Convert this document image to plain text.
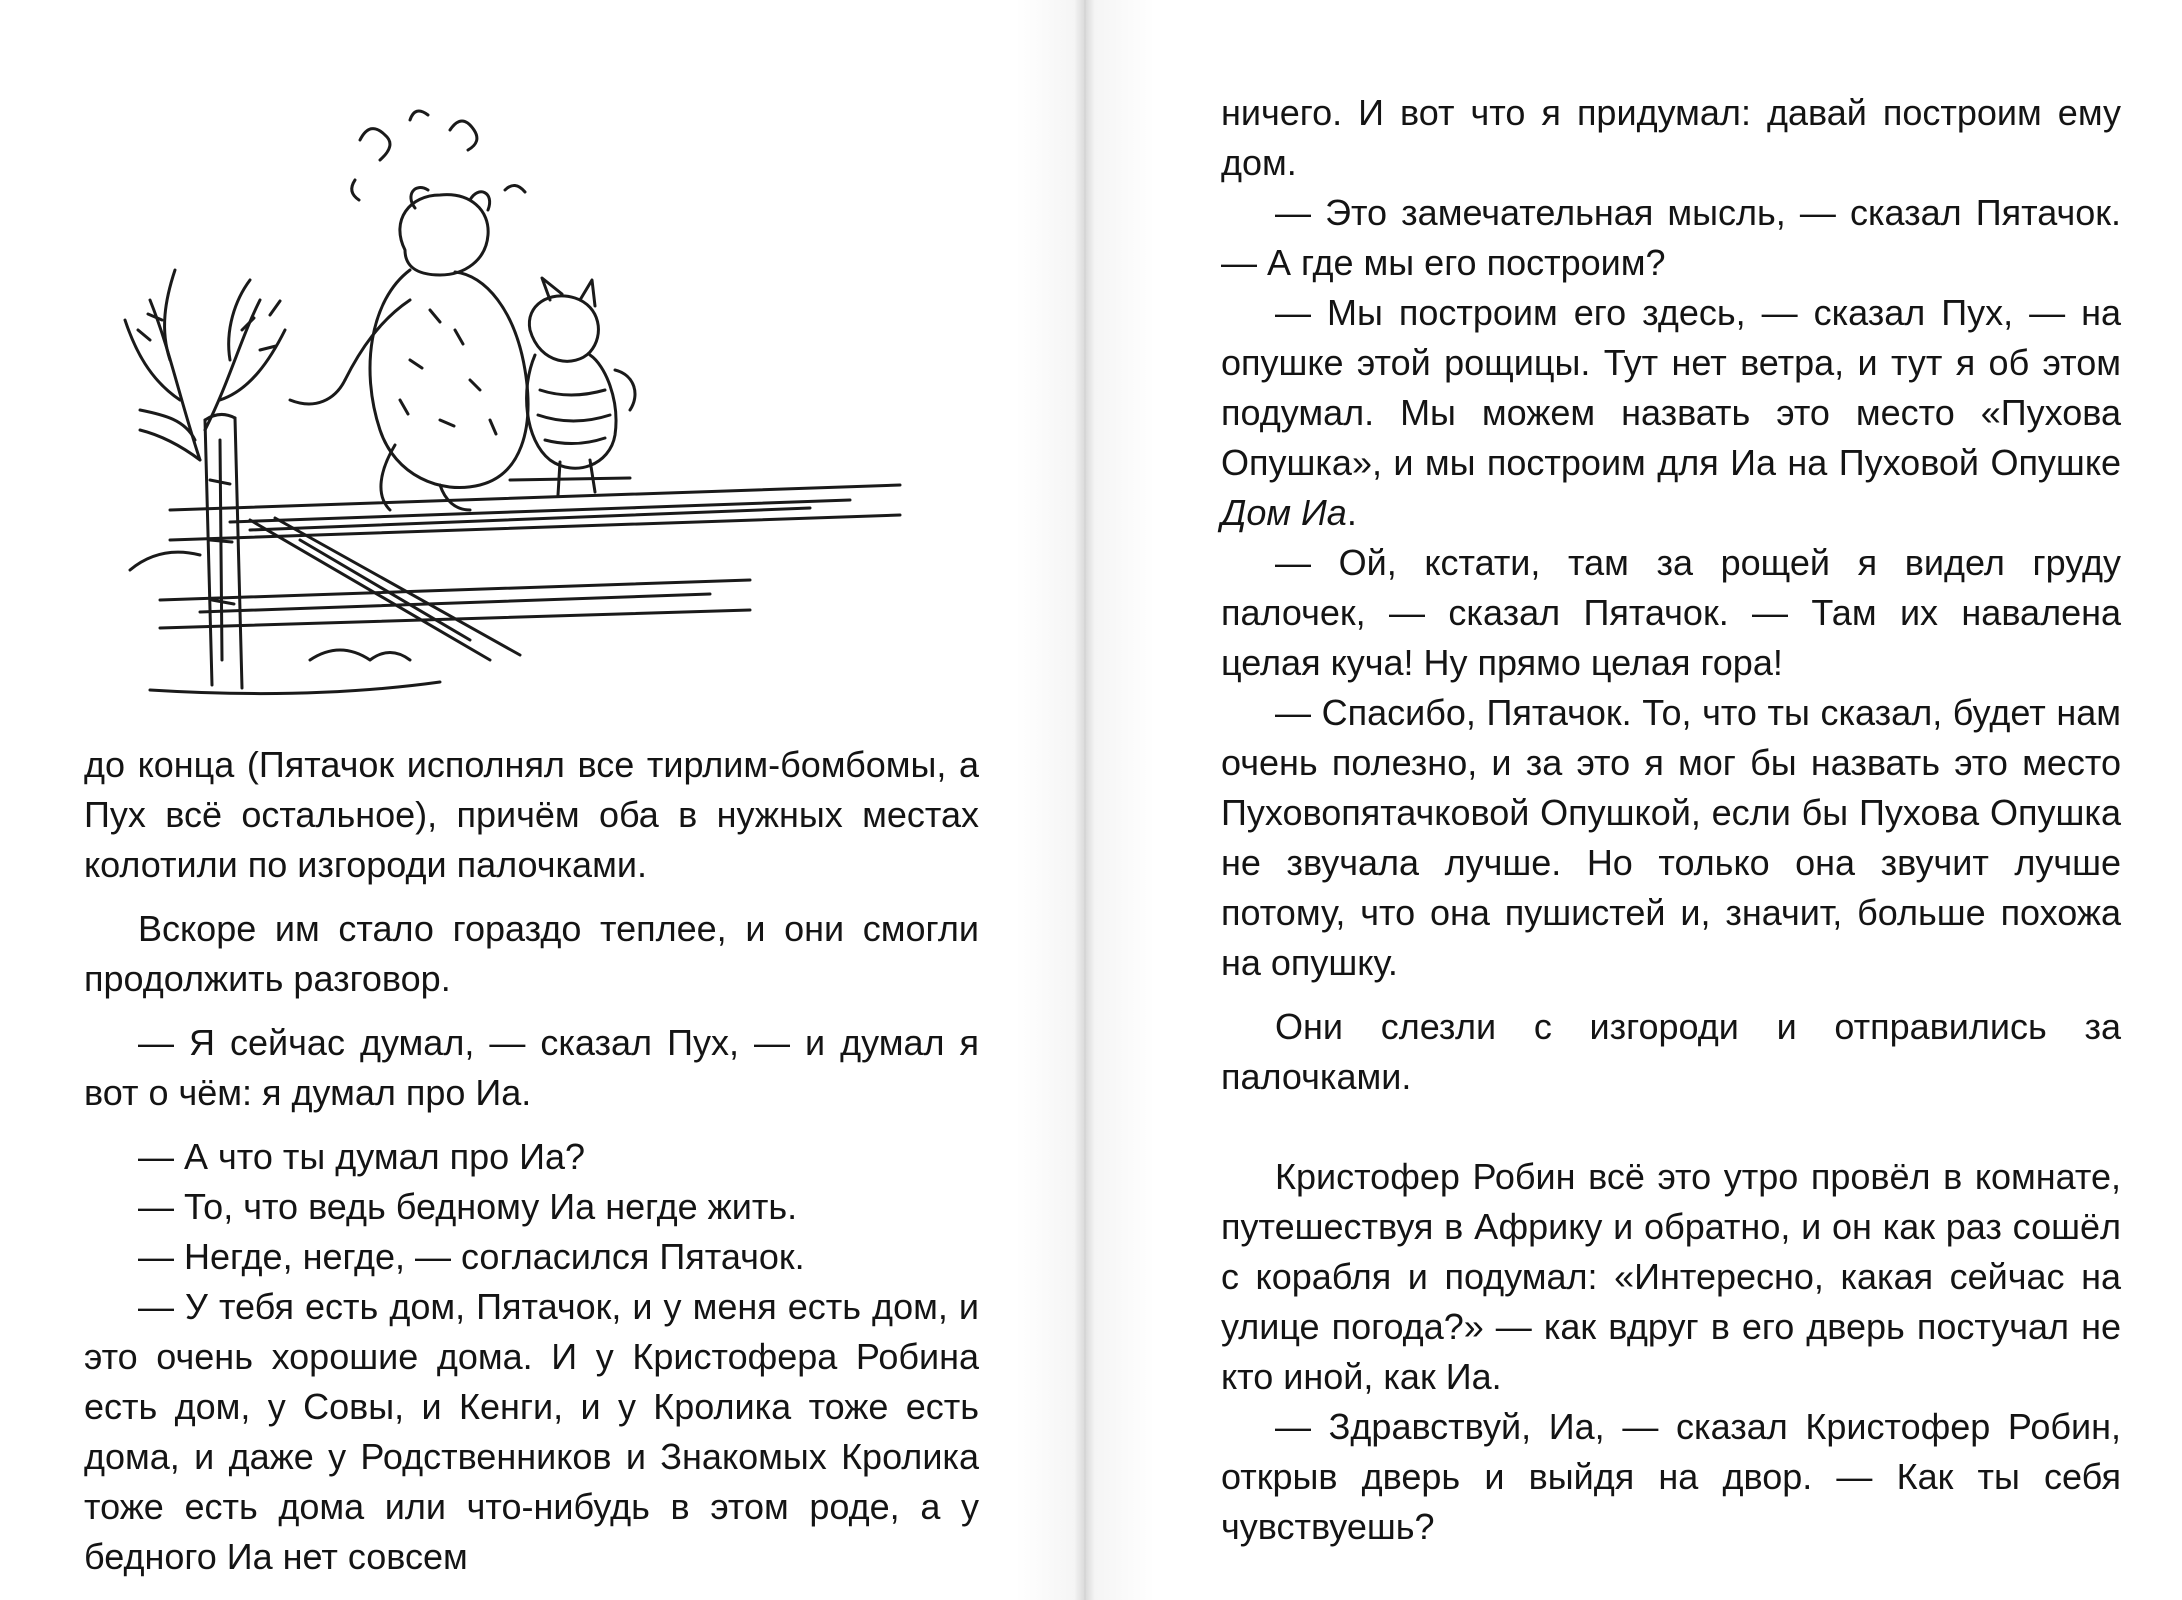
до конца (Пятачок исполнял все тирлим-бомбомы, а Пух всё остальное), причём оба в нужных местах колотили по изгороди палочками.

Вскоре им стало гораздо теплее, и они смогли продолжить разговор.

— Я сейчас думал, — сказал Пух, — и думал я вот о чём: я думал про Иа.

— А что ты думал про Иа?

— То, что ведь бедному Иа негде жить.

— Негде, негде, — согласился Пятачок.

— У тебя есть дом, Пятачок, и у меня есть дом, и это очень хорошие дома. И у Кристофера Робина есть дом, у Совы, и Кенги, и у Кролика тоже есть дома, и даже у Родственников и Знакомых Кролика тоже есть дома или что-нибудь в этом роде, а у бедного Иа нет совсем

ничего. И вот что я придумал: давай построим ему дом.

— Это замечательная мысль, — сказал Пятачок. — А где мы его построим?

— Мы построим его здесь, — сказал Пух, — на опушке этой рощицы. Тут нет ветра, и тут я об этом подумал. Мы можем назвать это место «Пухова Опушка», и мы построим для Иа на Пуховой Опушке Дом Иа.

— Ой, кстати, там за рощей я видел груду палочек, — сказал Пятачок. — Там их навалена целая куча! Ну прямо целая гора!

— Спасибо, Пятачок. То, что ты сказал, будет нам очень полезно, и за это я мог бы назвать это место Пуховопятачковой Опушкой, если бы Пухова Опушка не звучала лучше. Но только она звучит лучше потому, что она пушистей и, значит, больше похожа на опушку.

Они слезли с изгороди и отправились за палочками.

Кристофер Робин всё это утро провёл в комнате, путешествуя в Африку и обратно, и он как раз сошёл с корабля и подумал: «Интересно, какая сейчас на улице погода?» — как вдруг в его дверь постучал не кто иной, как Иа.

— Здравствуй, Иа, — сказал Кристофер Робин, открыв дверь и выйдя на двор. — Как ты себя чувствуешь?
